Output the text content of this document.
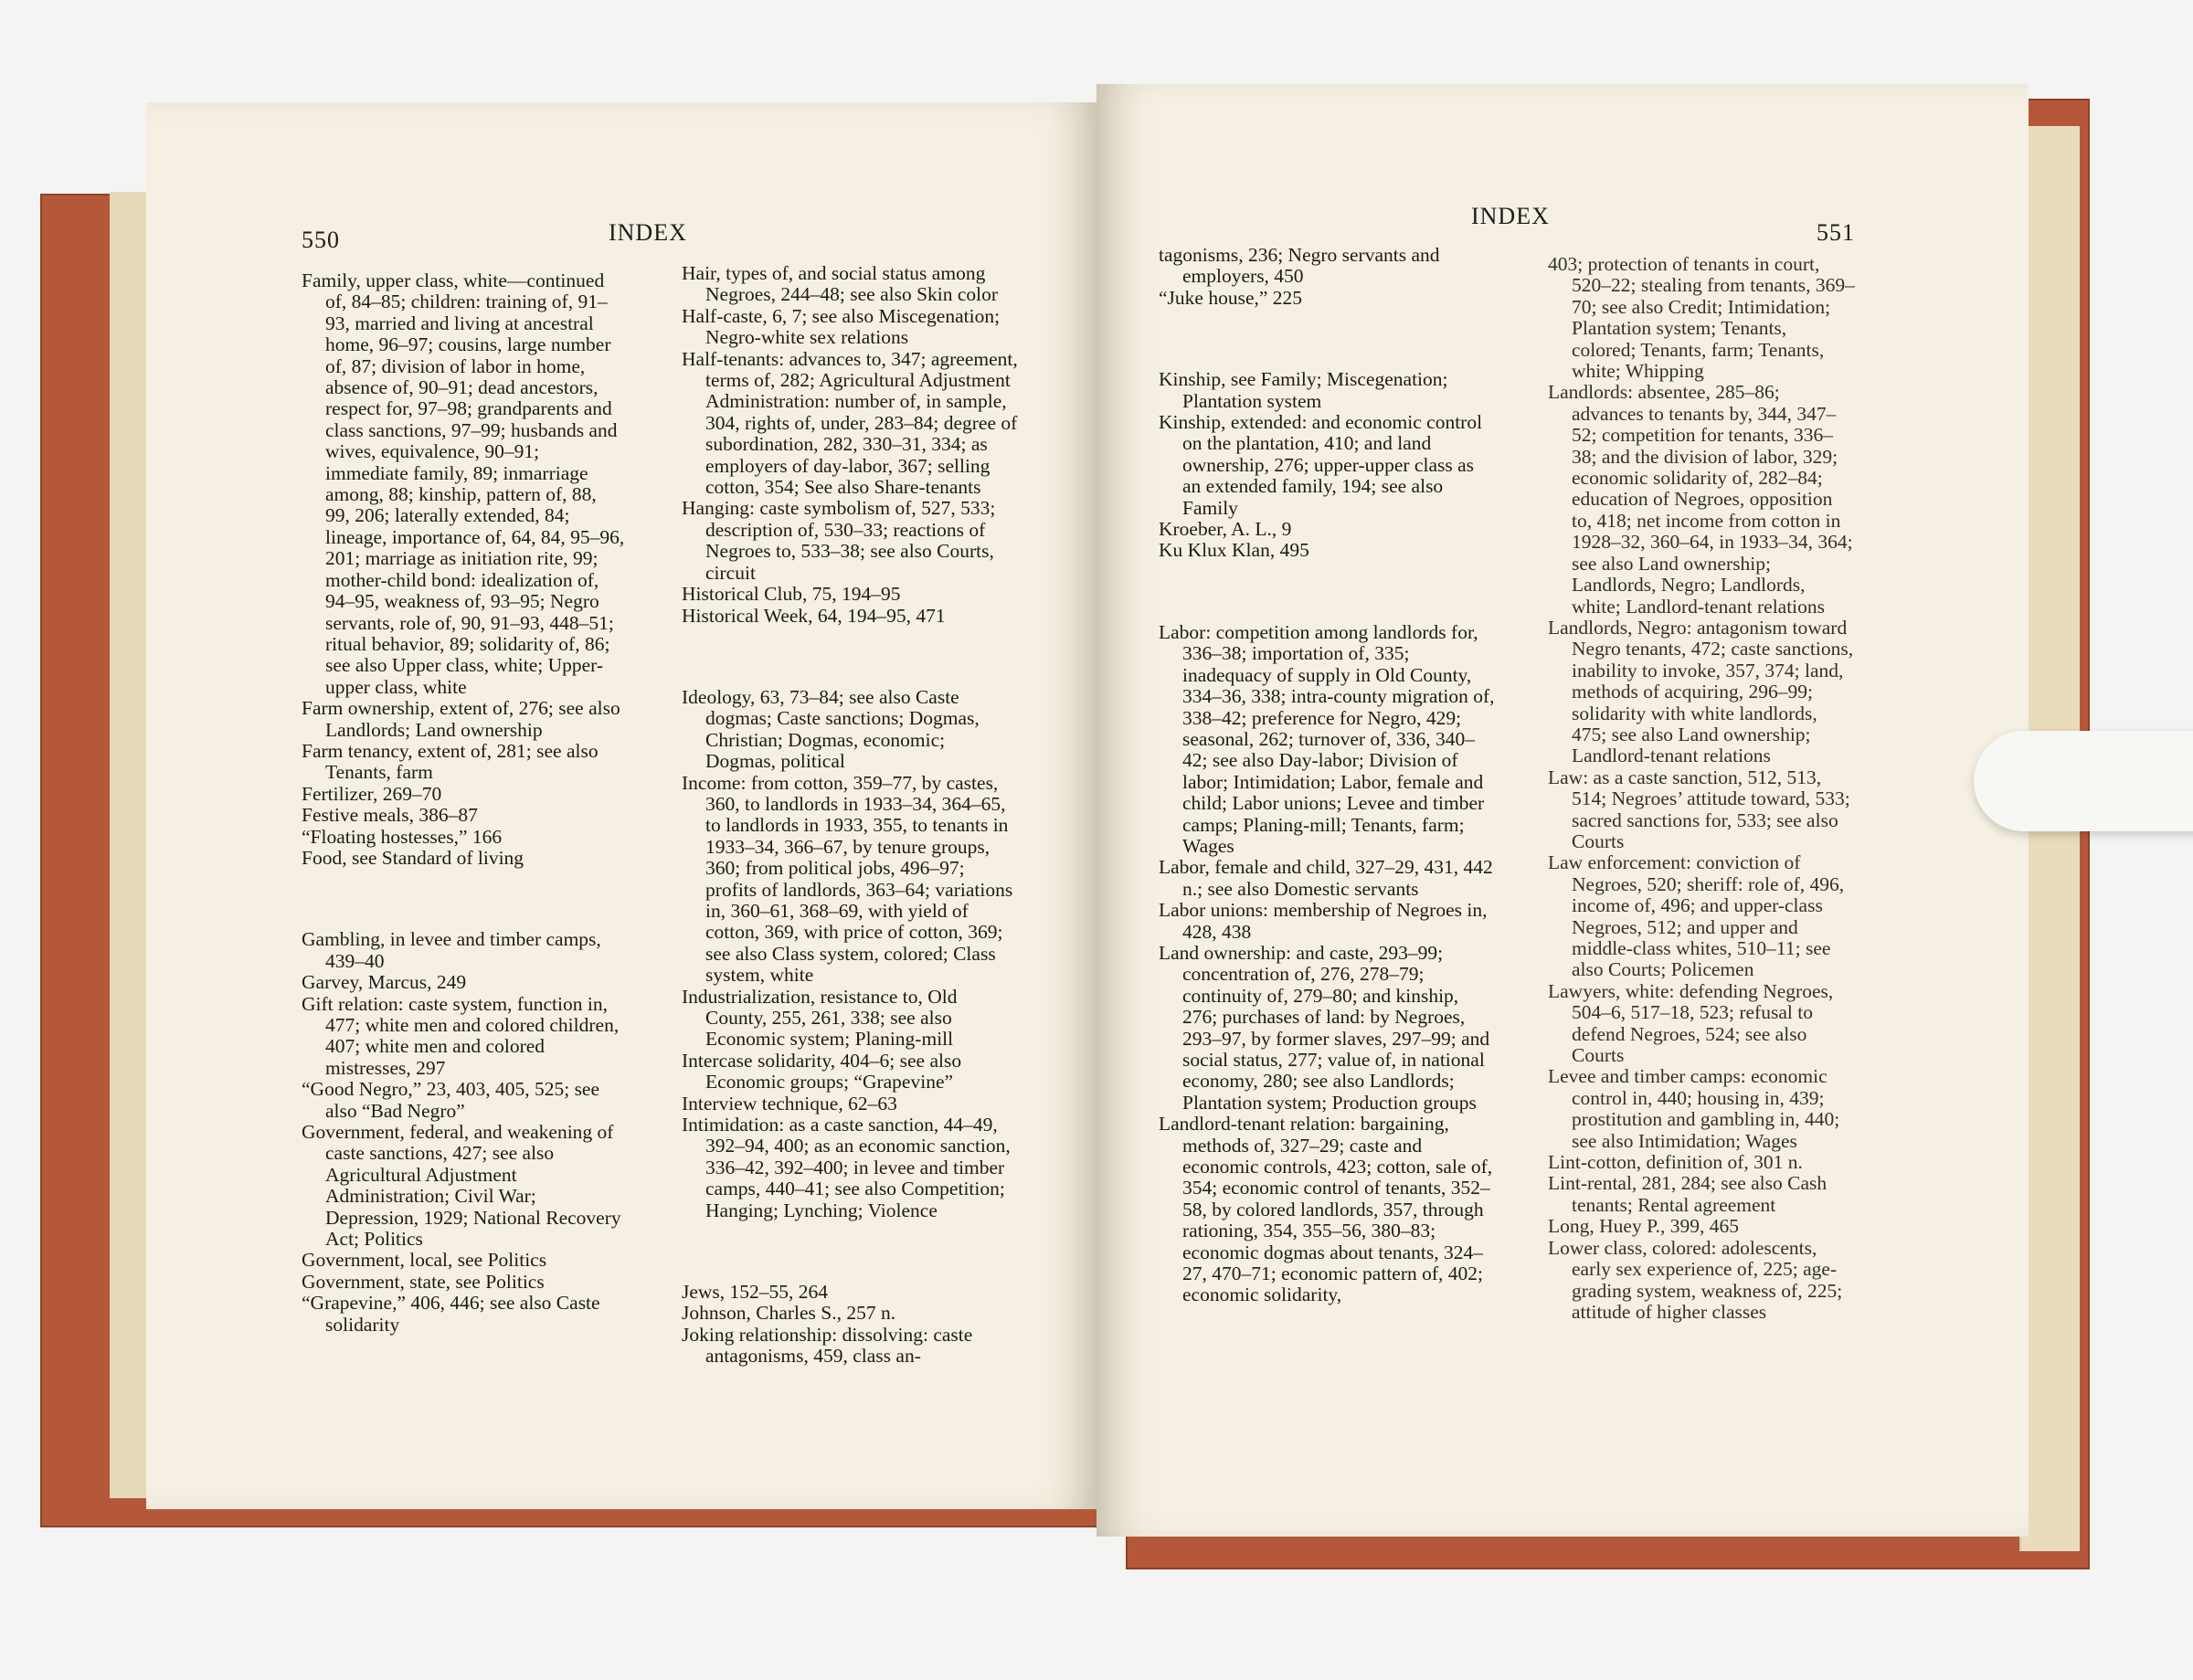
550	INDEX

Family, upper class, white—continued of, 84–85; children: training of, 91–93, married and living at ancestral home, 96–97; cousins, large number of, 87; division of labor in home, absence of, 90–91; dead ancestors, respect for, 97–98; grandparents and class sanctions, 97–99; husbands and wives, equivalence, 90–91; immediate family, 89; inmarriage among, 88; kinship, pattern of, 88, 99, 206; laterally extended, 84; lineage, importance of, 64, 84, 95–96, 201; marriage as initiation rite, 99; mother-child bond: idealization of, 94–95, weakness of, 93–95; Negro servants, role of, 90, 91–93, 448–51; ritual behavior, 89; solidarity of, 86; see also Upper class, white; Upper-upper class, white

Farm ownership, extent of, 276; see also Landlords; Land ownership

Farm tenancy, extent of, 281; see also Tenants, farm

Fertilizer, 269–70

Festive meals, 386–87

“Floating hostesses,” 166

Food, see Standard of living

Gambling, in levee and timber camps, 439–40

Garvey, Marcus, 249

Gift relation: caste system, function in, 477; white men and colored children, 407; white men and colored mistresses, 297

“Good Negro,” 23, 403, 405, 525; see also “Bad Negro”

Government, federal, and weakening of caste sanctions, 427; see also Agricultural Adjustment Administration; Civil War; Depression, 1929; National Recovery Act; Politics

Government, local, see Politics

Government, state, see Politics

“Grapevine,” 406, 446; see also Caste solidarity

Hair, types of, and social status among Negroes, 244–48; see also Skin color

Half-caste, 6, 7; see also Miscegenation; Negro-white sex relations

Half-tenants: advances to, 347; agreement, terms of, 282; Agricultural Adjustment Administration: number of, in sample, 304, rights of, under, 283–84; degree of subordination, 282, 330–31, 334; as employers of day-labor, 367; selling cotton, 354; See also Share-tenants

Hanging: caste symbolism of, 527, 533; description of, 530–33; reactions of Negroes to, 533–38; see also Courts, circuit

Historical Club, 75, 194–95

Historical Week, 64, 194–95, 471

Ideology, 63, 73–84; see also Caste dogmas; Caste sanctions; Dogmas, Christian; Dogmas, economic; Dogmas, political

Income: from cotton, 359–77, by castes, 360, to landlords in 1933–34, 364–65, to landlords in 1933, 355, to tenants in 1933–34, 366–67, by tenure groups, 360; from political jobs, 496–97; profits of landlords, 363–64; variations in, 360–61, 368–69, with yield of cotton, 369, with price of cotton, 369; see also Class system, colored; Class system, white

Industrialization, resistance to, Old County, 255, 261, 338; see also Economic system; Planing-mill

Intercase solidarity, 404–6; see also Economic groups; “Grapevine”

Interview technique, 62–63

Intimidation: as a caste sanction, 44–49, 392–94, 400; as an economic sanction, 336–42, 392–400; in levee and timber camps, 440–41; see also Competition; Hanging; Lynching; Violence

Jews, 152–55, 264

Johnson, Charles S., 257 n.

Joking relationship: dissolving: caste antagonisms, 459, class an-

INDEX
551

tagonisms, 236; Negro servants and employers, 450

“Juke house,” 225

Kinship, see Family; Miscegenation; Plantation system

Kinship, extended: and economic control on the plantation, 410; and land ownership, 276; upper-upper class as an extended family, 194; see also Family

Kroeber, A. L., 9

Ku Klux Klan, 495

Labor: competition among landlords for, 336–38; importation of, 335; inadequacy of supply in Old County, 334–36, 338; intra-county migration of, 338–42; preference for Negro, 429; seasonal, 262; turnover of, 336, 340–42; see also Day-labor; Division of labor; Intimidation; Labor, female and child; Labor unions; Levee and timber camps; Planing-mill; Tenants, farm; Wages

Labor, female and child, 327–29, 431, 442 n.; see also Domestic servants

Labor unions: membership of Negroes in, 428, 438

Land ownership: and caste, 293–99; concentration of, 276, 278–79; continuity of, 279–80; and kinship, 276; purchases of land: by Negroes, 293–97, by former slaves, 297–99; and social status, 277; value of, in national economy, 280; see also Landlords; Plantation system; Production groups

Landlord-tenant relation: bargaining, methods of, 327–29; caste and economic controls, 423; cotton, sale of, 354; economic control of tenants, 352–58, by colored landlords, 357, through rationing, 354, 355–56, 380–83; economic dogmas about tenants, 324–27, 470–71; economic pattern of, 402; economic solidarity,

403; protection of tenants in court, 520–22; stealing from tenants, 369–70; see also Credit; Intimidation; Plantation system; Tenants, colored; Tenants, farm; Tenants, white; Whipping

Landlords: absentee, 285–86; advances to tenants by, 344, 347–52; competition for tenants, 336–38; and the division of labor, 329; economic solidarity of, 282–84; education of Negroes, opposition to, 418; net income from cotton in 1928–32, 360–64, in 1933–34, 364; see also Land ownership; Landlords, Negro; Landlords, white; Landlord-tenant relations

Landlords, Negro: antagonism toward Negro tenants, 472; caste sanctions, inability to invoke, 357, 374; land, methods of acquiring, 296–99; solidarity with white landlords, 475; see also Land ownership; Landlord-tenant relations

Law: as a caste sanction, 512, 513, 514; Negroes’ attitude toward, 533; sacred sanctions for, 533; see also Courts

Law enforcement: conviction of Negroes, 520; sheriff: role of, 496, income of, 496; and upper-class Negroes, 512; and upper and middle-class whites, 510–11; see also Courts; Policemen

Lawyers, white: defending Negroes, 504–6, 517–18, 523; refusal to defend Negroes, 524; see also Courts

Levee and timber camps: economic control in, 440; housing in, 439; prostitution and gambling in, 440; see also Intimidation; Wages

Lint-cotton, definition of, 301 n.

Lint-rental, 281, 284; see also Cash tenants; Rental agreement

Long, Huey P., 399, 465

Lower class, colored: adolescents, early sex experience of, 225; age-grading system, weakness of, 225; attitude of higher classes
